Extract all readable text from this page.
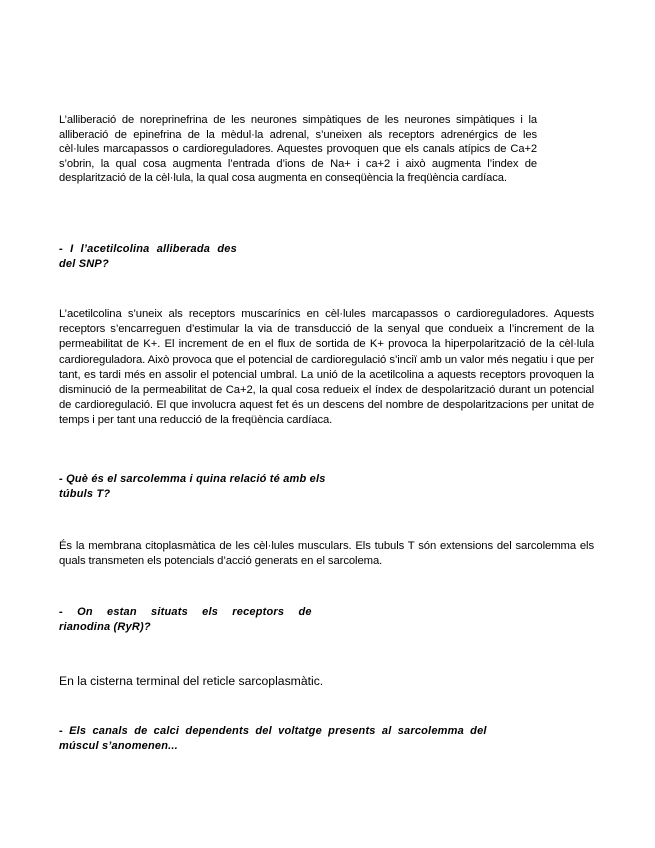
L’alliberació de noreprinefrina de les neurones simpàtiques de les neurones simpàtiques i la alliberació de epinefrina de la mèdul·la adrenal, s’uneixen als receptors adrenérgics de les cèl·lules marcapassos o cardioreguladores. Aquestes provoquen que els canals atípics de Ca+2 s’obrin, la qual cosa augmenta l’entrada d’ions de Na+ i ca+2 i això augmenta l’index de desplarització de la cèl·lula, la qual cosa augmenta en conseqüència la freqüència cardíaca.

- I l’acetilcolina alliberada des
del SNP?

L’acetilcolina s’uneix als receptors muscarínics en cèl·lules marcapassos o cardioreguladores. Aquests receptors s’encarreguen d’estimular la via de transducció de la senyal que condueix a l’increment de la permeabilitat de K+. El increment de en el flux de sortida de K+ provoca la hiperpolarització de la cèl·lula cardioreguladora. Això provoca que el potencial de cardioregulació s’inciï amb un valor més negatiu i que per tant, es tardi més en assolir el potencial umbral. La unió de la acetilcolina a aquests receptors provoquen la disminució de la permeabilitat de Ca+2, la qual cosa redueix el índex de despolarització durant un potencial de cardioregulació. El que involucra aquest fet és un descens del nombre de despolaritzacions per unitat de temps i per tant una reducció de la freqüència cardíaca.

- Què és el sarcolemma i quina relació té amb els
túbuls T?

És la membrana citoplasmàtica de les cèl·lules musculars. Els tubuls T són extensions del sarcolemma els quals transmeten els potencials d’acció generats en el sarcolema.

- On estan situats els receptors de
rianodina (RyR)?

En la cisterna terminal del reticle sarcoplasmàtic.

- Els canals de calci dependents del voltatge presents al sarcolemma del
múscul s’anomenen...
